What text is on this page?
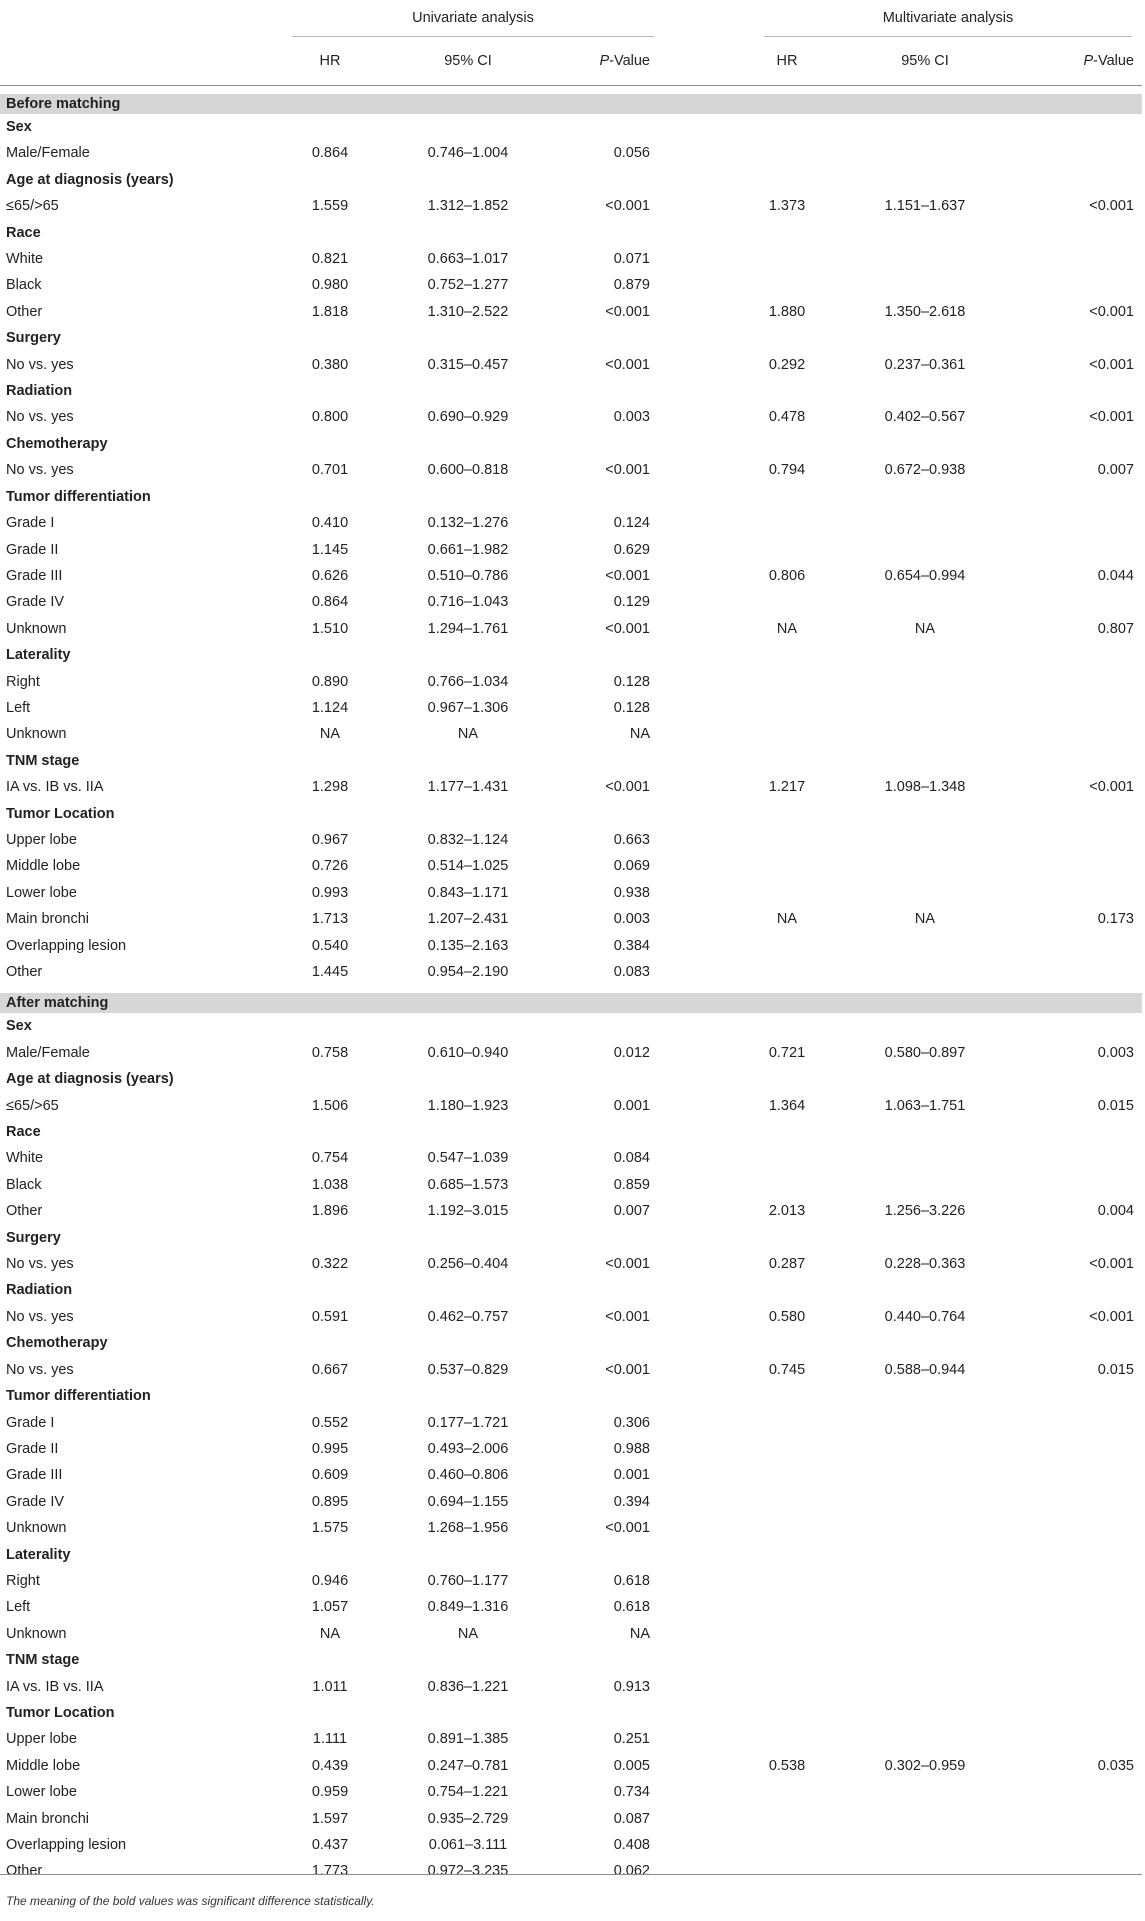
	Univariate analysis				Multivariate analysis		

	HR	95% CI	P-Value		HR	95% CI	P-Value

Before matching							
Sex							
Male/Female	0.864	0.746–1.004	0.056				
Age at diagnosis (years)							
≤65/>65	1.559	1.312–1.852	<0.001		1.373	1.151–1.637	<0.001
Race							
White	0.821	0.663–1.017	0.071				
Black	0.980	0.752–1.277	0.879				
Other	1.818	1.310–2.522	<0.001		1.880	1.350–2.618	<0.001
Surgery							
No vs. yes	0.380	0.315–0.457	<0.001		0.292	0.237–0.361	<0.001
Radiation							
No vs. yes	0.800	0.690–0.929	0.003		0.478	0.402–0.567	<0.001
Chemotherapy							
No vs. yes	0.701	0.600–0.818	<0.001		0.794	0.672–0.938	0.007
Tumor differentiation							
Grade I	0.410	0.132–1.276	0.124				
Grade II	1.145	0.661–1.982	0.629				
Grade III	0.626	0.510–0.786	<0.001		0.806	0.654–0.994	0.044
Grade IV	0.864	0.716–1.043	0.129				
Unknown	1.510	1.294–1.761	<0.001		NA	NA	0.807
Laterality							
Right	0.890	0.766–1.034	0.128				
Left	1.124	0.967–1.306	0.128				
Unknown	NA	NA	NA				
TNM stage							
IA vs. IB vs. IIA	1.298	1.177–1.431	<0.001		1.217	1.098–1.348	<0.001
Tumor Location							
Upper lobe	0.967	0.832–1.124	0.663				
Middle lobe	0.726	0.514–1.025	0.069				
Lower lobe	0.993	0.843–1.171	0.938				
Main bronchi	1.713	1.207–2.431	0.003		NA	NA	0.173
Overlapping lesion	0.540	0.135–2.163	0.384				
Other	1.445	0.954–2.190	0.083				

After matching							
Sex							
Male/Female	0.758	0.610–0.940	0.012		0.721	0.580–0.897	0.003
Age at diagnosis (years)							
≤65/>65	1.506	1.180–1.923	0.001		1.364	1.063–1.751	0.015
Race							
White	0.754	0.547–1.039	0.084				
Black	1.038	0.685–1.573	0.859				
Other	1.896	1.192–3.015	0.007		2.013	1.256–3.226	0.004
Surgery							
No vs. yes	0.322	0.256–0.404	<0.001		0.287	0.228–0.363	<0.001
Radiation							
No vs. yes	0.591	0.462–0.757	<0.001		0.580	0.440–0.764	<0.001
Chemotherapy							
No vs. yes	0.667	0.537–0.829	<0.001		0.745	0.588–0.944	0.015
Tumor differentiation							
Grade I	0.552	0.177–1.721	0.306				
Grade II	0.995	0.493–2.006	0.988				
Grade III	0.609	0.460–0.806	0.001				
Grade IV	0.895	0.694–1.155	0.394				
Unknown	1.575	1.268–1.956	<0.001				
Laterality							
Right	0.946	0.760–1.177	0.618				
Left	1.057	0.849–1.316	0.618				
Unknown	NA	NA	NA				
TNM stage							
IA vs. IB vs. IIA	1.011	0.836–1.221	0.913				
Tumor Location							
Upper lobe	1.111	0.891–1.385	0.251				
Middle lobe	0.439	0.247–0.781	0.005		0.538	0.302–0.959	0.035
Lower lobe	0.959	0.754–1.221	0.734				
Main bronchi	1.597	0.935–2.729	0.087				
Overlapping lesion	0.437	0.061–3.111	0.408				
Other	1.773	0.972–3.235	0.062				
The meaning of the bold values was significant difference statistically.
